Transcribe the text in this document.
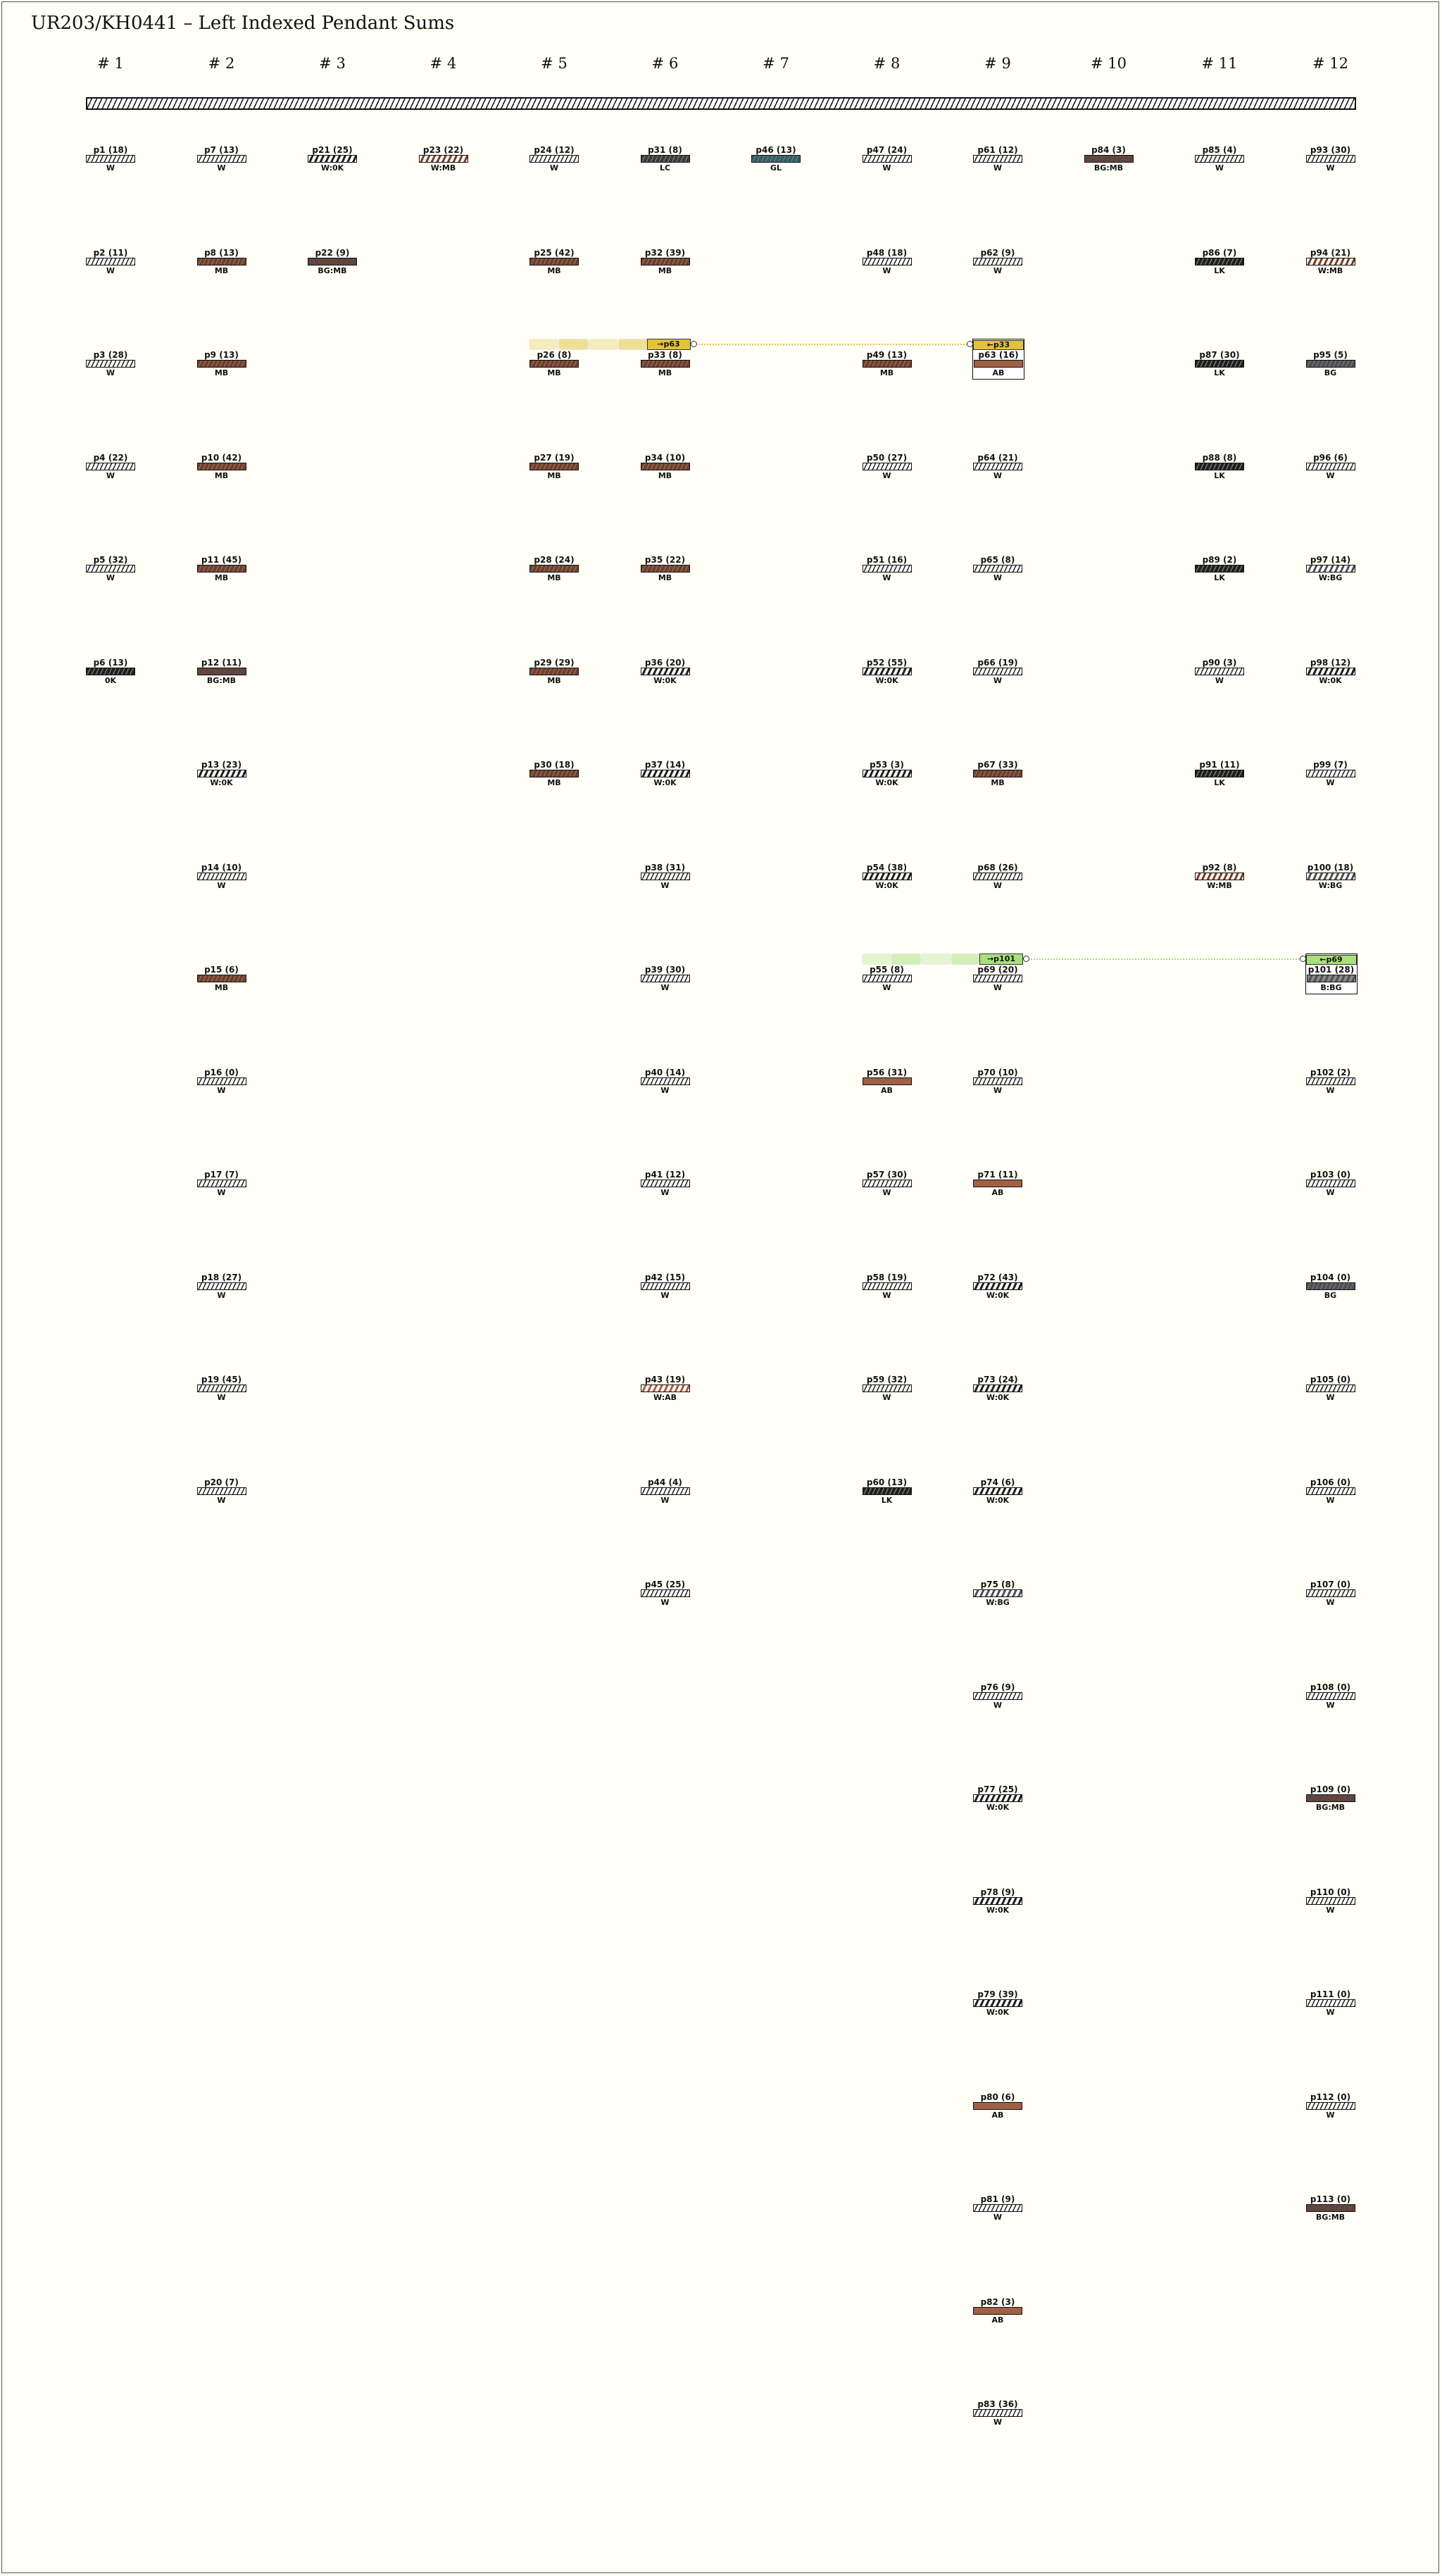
UR203/KH0441 – Left Indexed Pendant Sums
# 1	# 2	# 3	# 4	# 5	# 6	# 7	# 8	# 9	# 10	# 11	# 12
p1 (18)
W
p2 (11)
W
p3 (28)
W
p4 (22)
W
p5 (32)
W
p6 (13)
0K
p7 (13)
W
p8 (13)
MB
p9 (13)
MB
p10 (42)
MB
p11 (45)
MB
p12 (11)
BG:MB
p13 (23)
W:0K
p14 (10)
W
p15 (6)
MB
p16 (0)
W
p17 (7)
W
p18 (27)
W
p19 (45)
W
p20 (7)
W
p21 (25)
W:0K
p22 (9)
BG:MB
p23 (22)
W:MB
p24 (12)
W
p25 (42)
MB
p26 (8)
MB
p27 (19)
MB
p28 (24)
MB
p29 (29)
MB
p30 (18)
MB
p31 (8)
LC
p32 (39)
MB
p33 (8)
MB
p34 (10)
MB
p35 (22)
MB
p36 (20)
W:0K
p37 (14)
W:0K
p38 (31)
W
p39 (30)
W
p40 (14)
W
p41 (12)
W
p42 (15)
W
p43 (19)
W:AB
p44 (4)
W
p45 (25)
W
p46 (13)
GL
p47 (24)
W
p48 (18)
W
p49 (13)
MB
p50 (27)
W
p51 (16)
W
p52 (55)
W:0K
p53 (3)
W:0K
p54 (38)
W:0K
p55 (8)
W
p56 (31)
AB
p57 (30)
W
p58 (19)
W
p59 (32)
W
p60 (13)
LK
p61 (12)
W
p62 (9)
W
←p33
p63 (16)
AB
p64 (21)
W
p65 (8)
W
p66 (19)
W
p67 (33)
MB
p68 (26)
W
p69 (20)
W
p70 (10)
W
p71 (11)
AB
p72 (43)
W:0K
p73 (24)
W:0K
p74 (6)
W:0K
p75 (8)
W:BG
p76 (9)
W
p77 (25)
W:0K
p78 (9)
W:0K
p79 (39)
W:0K
p80 (6)
AB
p81 (9)
W
p82 (3)
AB
p83 (36)
W
p84 (3)
BG:MB
p85 (4)
W
p86 (7)
LK
p87 (30)
LK
p88 (8)
LK
p89 (2)
LK
p90 (3)
W
p91 (11)
LK
p92 (8)
W:MB
p93 (30)
W
p94 (21)
W:MB
p95 (5)
BG
p96 (6)
W
p97 (14)
W:BG
p98 (12)
W:0K
p99 (7)
W
p100 (18)
W:BG
←p69
p101 (28)
B:BG
p102 (2)
W
p103 (0)
W
p104 (0)
BG
p105 (0)
W
p106 (0)
W
p107 (0)
W
p108 (0)
W
p109 (0)
BG:MB
p110 (0)
W
p111 (0)
W
p112 (0)
W
p113 (0)
BG:MB
→p63
→p101
